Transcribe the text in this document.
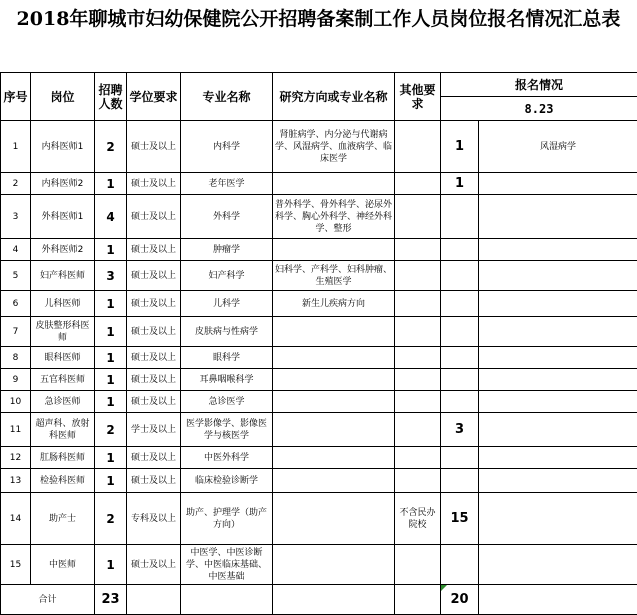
2018年聊城市妇幼保健院公开招聘备案制工作人员岗位报名情况汇总表
序号	岗位	招聘人数	学位要求	专业名称	研究方向或专业名称	其他要求	报名情况	
							8.23	
1	内科医师1	2	硕士及以上	内科学	肾脏病学、内分泌与代谢病学、风湿病学、血液病学、临床医学		1	风湿病学
2	内科医师2	1	硕士及以上	老年医学			1	
3	外科医师1	4	硕士及以上	外科学	普外科学、骨外科学、泌尿外科学、胸心外科学、神经外科学、整形			
4	外科医师2	1	硕士及以上	肿瘤学				
5	妇产科医师	3	硕士及以上	妇产科学	妇科学、产科学、妇科肿瘤、生殖医学			
6	儿科医师	1	硕士及以上	儿科学	新生儿疾病方向			
7	皮肤整形科医师	1	硕士及以上	皮肤病与性病学				
8	眼科医师	1	硕士及以上	眼科学				
9	五官科医师	1	硕士及以上	耳鼻咽喉科学				
10	急诊医师	1	硕士及以上	急诊医学				
11	超声科、放射科医师	2	学士及以上	医学影像学、影像医学与核医学			3	
12	肛肠科医师	1	硕士及以上	中医外科学				
13	检验科医师	1	硕士及以上	临床检验诊断学				
14	助产士	2	专科及以上	助产、护理学（助产方向）		不含民办院校	15	
15	中医师	1	硕士及以上	中医学、中医诊断学、中医临床基础、中医基础				
合计		23					20	
